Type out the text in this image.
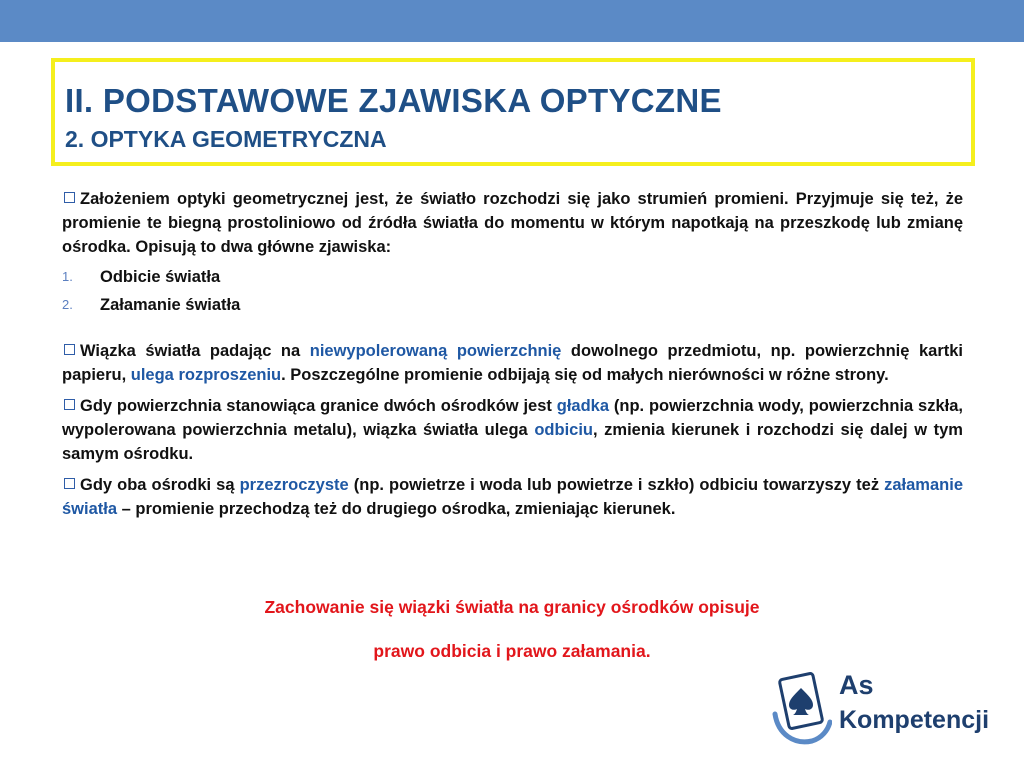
II. PODSTAWOWE ZJAWISKA OPTYCZNE
2. OPTYKA GEOMETRYCZNA

Założeniem optyki geometrycznej jest, że światło rozchodzi się jako strumień promieni. Przyjmuje się też, że promienie te biegną prostoliniowo od źródła światła do momentu w którym napotkają na przeszkodę lub zmianę ośrodka. Opisują to dwa główne zjawiska:

1. Odbicie światła
2. Załamanie światła

Wiązka światła padając na niewypolerowaną powierzchnię dowolnego przedmiotu, np. powierzchnię kartki papieru, ulega rozproszeniu. Poszczególne promienie odbijają się od małych nierówności w różne strony.

Gdy powierzchnia stanowiąca granice dwóch ośrodków jest gładka (np. powierzchnia wody, powierzchnia szkła, wypolerowana powierzchnia metalu), wiązka światła ulega odbiciu, zmienia kierunek i rozchodzi się dalej w tym samym ośrodku.

Gdy oba ośrodki są przezroczyste (np. powietrze i woda lub powietrze i szkło) odbiciu towarzyszy też załamanie światła – promienie przechodzą też do drugiego ośrodka, zmieniając kierunek.

Zachowanie się wiązki światła na granicy ośrodków opisuje
prawo odbicia i prawo załamania.
As
Kompetencji
